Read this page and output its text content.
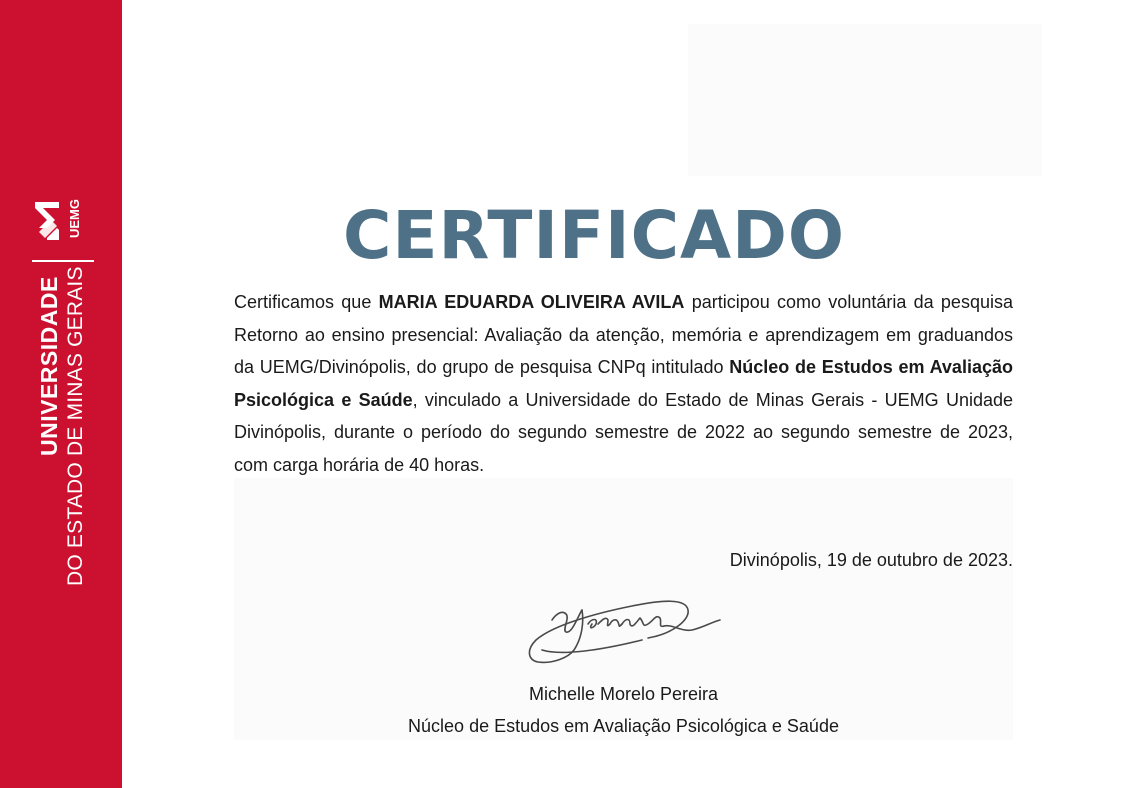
UEMG
UNIVERSIDADE DO ESTADO DE MINAS GERAIS
CERTIFICADO

Certificamos que MARIA EDUARDA OLIVEIRA AVILA participou como voluntária da pesquisa Retorno ao ensino presencial: Avaliação da atenção, memória e aprendizagem em graduandos da UEMG/Divinópolis, do grupo de pesquisa CNPq intitulado Núcleo de Estudos em Avaliação Psicológica e Saúde, vinculado a Universidade do Estado de Minas Gerais - UEMG Unidade Divinópolis, durante o período do segundo semestre de 2022 ao segundo semestre de 2023, com carga horária de 40 horas.

Divinópolis, 19 de outubro de 2023.
Michelle Morelo Pereira
Núcleo de Estudos em Avaliação Psicológica e Saúde
